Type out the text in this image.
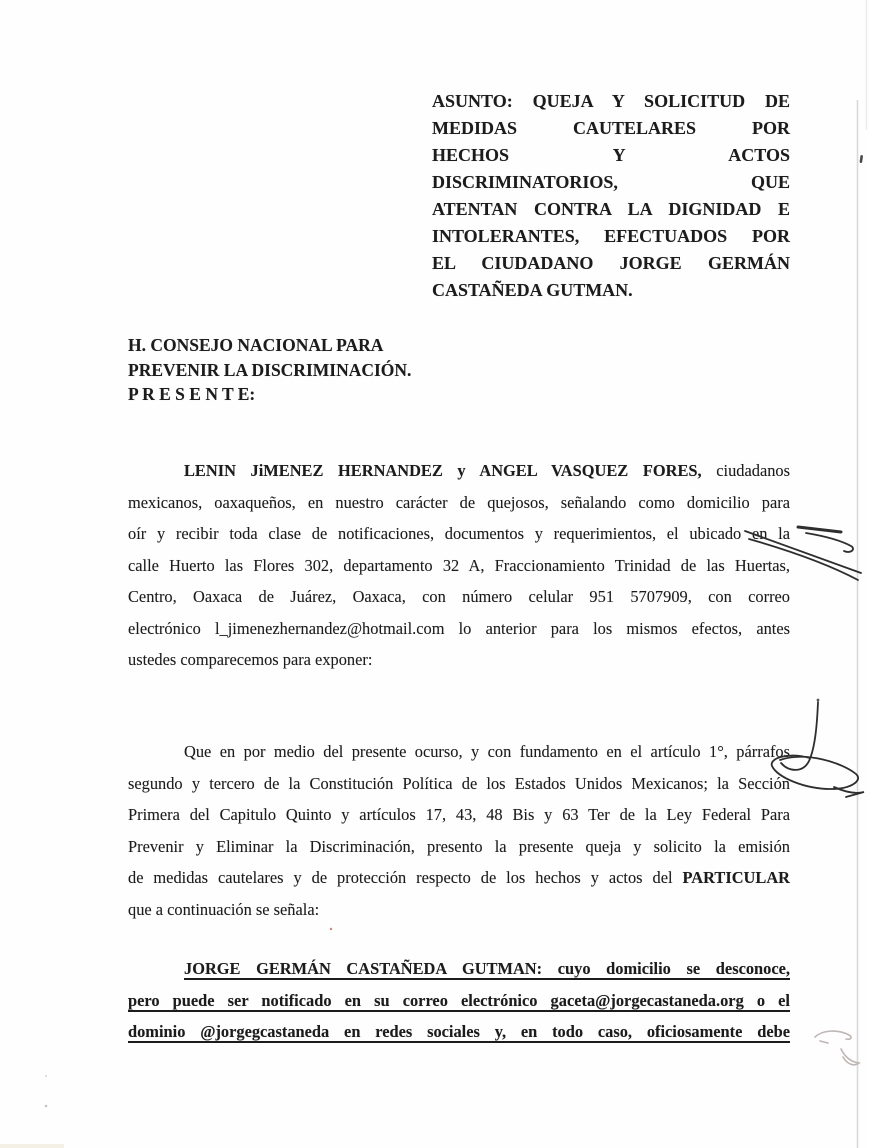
ASUNTO: QUEJA Y SOLICITUD DE
MEDIDAS CAUTELARES POR
HECHOS Y ACTOS
DISCRIMINATORIOS, QUE
ATENTAN CONTRA LA DIGNIDAD E
INTOLERANTES, EFECTUADOS POR
EL CIUDADANO JORGE GERMÁN
CASTAÑEDA GUTMAN.
H. CONSEJO NACIONAL PARA
PREVENIR LA DISCRIMINACIÓN.
P R E S E N T E:
LENIN JiMENEZ HERNANDEZ y ANGEL VASQUEZ FORES, ciudadanos
mexicanos, oaxaqueños, en nuestro carácter de quejosos, señalando como domicilio para
oír y recibir toda clase de notificaciones, documentos y requerimientos, el ubicado en la
calle Huerto las Flores 302, departamento 32 A, Fraccionamiento Trinidad de las Huertas,
Centro, Oaxaca de Juárez, Oaxaca, con número celular 951 5707909, con correo
electrónico l_jimenezhernandez@hotmail.com lo anterior para los mismos efectos, antes
ustedes comparecemos para exponer:
Que en por medio del presente ocurso, y con fundamento en el artículo 1°, párrafos
segundo y tercero de la Constitución Política de los Estados Unidos Mexicanos; la Sección
Primera del Capitulo Quinto y artículos 17, 43, 48 Bis y 63 Ter de la Ley Federal Para
Prevenir y Eliminar la Discriminación, presento la presente queja y solicito la emisión
de medidas cautelares y de protección respecto de los hechos y actos del PARTICULAR
que a continuación se señala:
JORGE GERMÁN CASTAÑEDA GUTMAN: cuyo domicilio se desconoce,
pero puede ser notificado en su correo electrónico gaceta@jorgecastaneda.org o el
dominio @jorgegcastaneda en redes sociales y, en todo caso, oficiosamente debe
